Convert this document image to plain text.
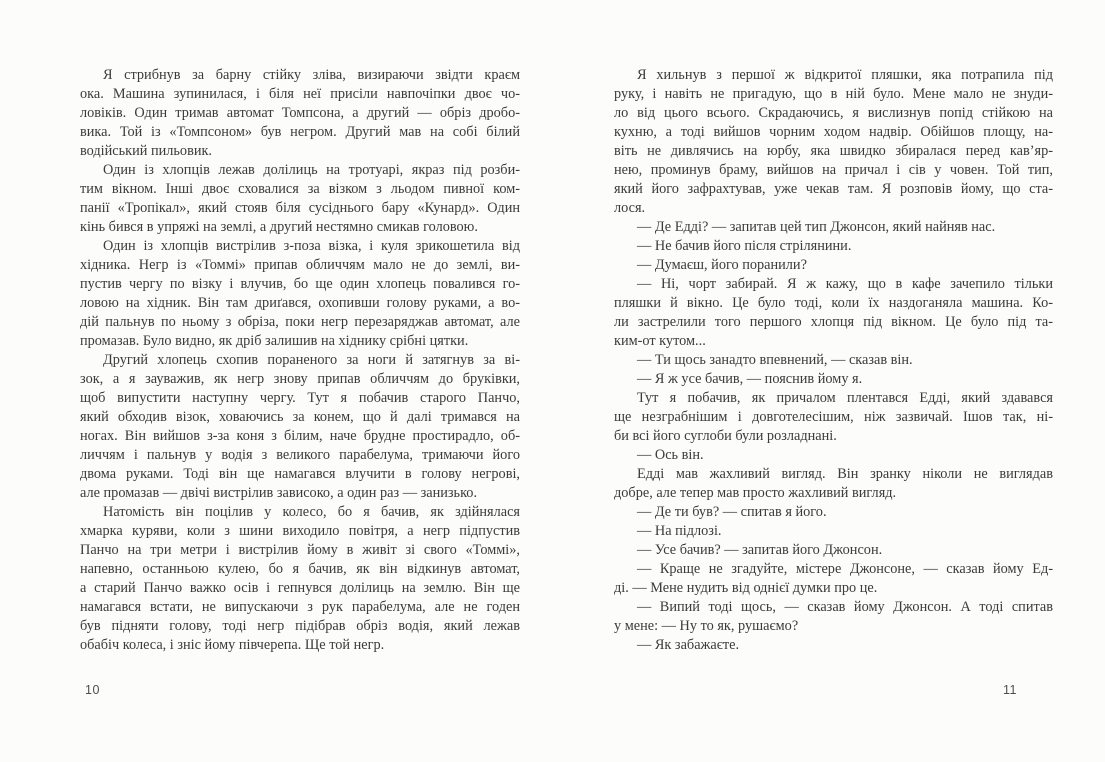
Я стрибнув за барну стійку зліва, визираючи звідти краєм
ока. Машина зупинилася, і біля неї присіли навпочіпки двоє чо-
ловіків. Один тримав автомат Томпсона, а другий — обріз дробо-
вика. Той із «Томпсоном» був негром. Другий мав на собі білий
водійський пильовик.
Один із хлопців лежав долілиць на тротуарі, якраз під розби-
тим вікном. Інші двоє сховалися за візком з льодом пивної ком-
панії «Тропікал», який стояв біля сусіднього бару «Кунард». Один
кінь бився в упряжі на землі, а другий нестямно смикав головою.
Один із хлопців вистрілив з-поза візка, і куля зрикошетила від
хідника. Негр із «Томмі» припав обличчям мало не до землі, ви-
пустив чергу по візку і влучив, бо ще один хлопець повалився го-
ловою на хідник. Він там дриґався, охопивши голову руками, а во-
дій пальнув по ньому з обріза, поки негр перезаряджав автомат, але
промазав. Було видно, як дріб залишив на хіднику срібні цятки.
Другий хлопець схопив пораненого за ноги й затягнув за ві-
зок, а я зауважив, як негр знову припав обличчям до бруківки,
щоб випустити наступну чергу. Тут я побачив старого Панчо,
який обходив візок, ховаючись за конем, що й далі тримався на
ногах. Він вийшов з-за коня з білим, наче брудне простирадло, об-
личчям і пальнув у водія з великого парабелума, тримаючи його
двома руками. Тоді він ще намагався влучити в голову негрові,
але промазав — двічі вистрілив зависоко, а один раз — занизько.
Натомість він поцілив у колесо, бо я бачив, як здійнялася
хмарка куряви, коли з шини виходило повітря, а негр підпустив
Панчо на три метри і вистрілив йому в живіт зі свого «Томмі»,
напевно, останньою кулею, бо я бачив, як він відкинув автомат,
а старий Панчо важко осів і гепнувся долілиць на землю. Він ще
намагався встати, не випускаючи з рук парабелума, але не годен
був підняти голову, тоді негр підібрав обріз водія, який лежав
обабіч колеса, і зніс йому півчерепа. Ще той негр.
10
Я хильнув з першої ж відкритої пляшки, яка потрапила під
руку, і навіть не пригадую, що в ній було. Мене мало не знуди-
ло від цього всього. Скрадаючись, я вислизнув попід стійкою на
кухню, а тоді вийшов чорним ходом надвір. Обійшов площу, на-
віть не дивлячись на юрбу, яка швидко збиралася перед кав’яр-
нею, проминув браму, вийшов на причал і сів у човен. Той тип,
який його зафрахтував, уже чекав там. Я розповів йому, що ста-
лося.
— Де Едді? — запитав цей тип Джонсон, який найняв нас.
— Не бачив його після стрілянини.
— Думаєш, його поранили?
— Ні, чорт забирай. Я ж кажу, що в кафе зачепило тільки
пляшки й вікно. Це було тоді, коли їх наздоганяла машина. Ко-
ли застрелили того першого хлопця під вікном. Це було під та-
ким-от кутом...
— Ти щось занадто впевнений, — сказав він.
— Я ж усе бачив, — пояснив йому я.
Тут я побачив, як причалом плентався Едді, який здавався
ще незграбнішим і довготелесішим, ніж зазвичай. Ішов так, ні-
би всі його суглоби були розладнані.
— Ось він.
Едді мав жахливий вигляд. Він зранку ніколи не виглядав
добре, але тепер мав просто жахливий вигляд.
— Де ти був? — спитав я його.
— На підлозі.
— Усе бачив? — запитав його Джонсон.
— Краще не згадуйте, містере Джонсоне, — сказав йому Ед-
ді. — Мене нудить від однієї думки про це.
— Випий тоді щось, — сказав йому Джонсон. А тоді спитав
у мене: — Ну то як, рушаємо?
— Як забажаєте.
11
